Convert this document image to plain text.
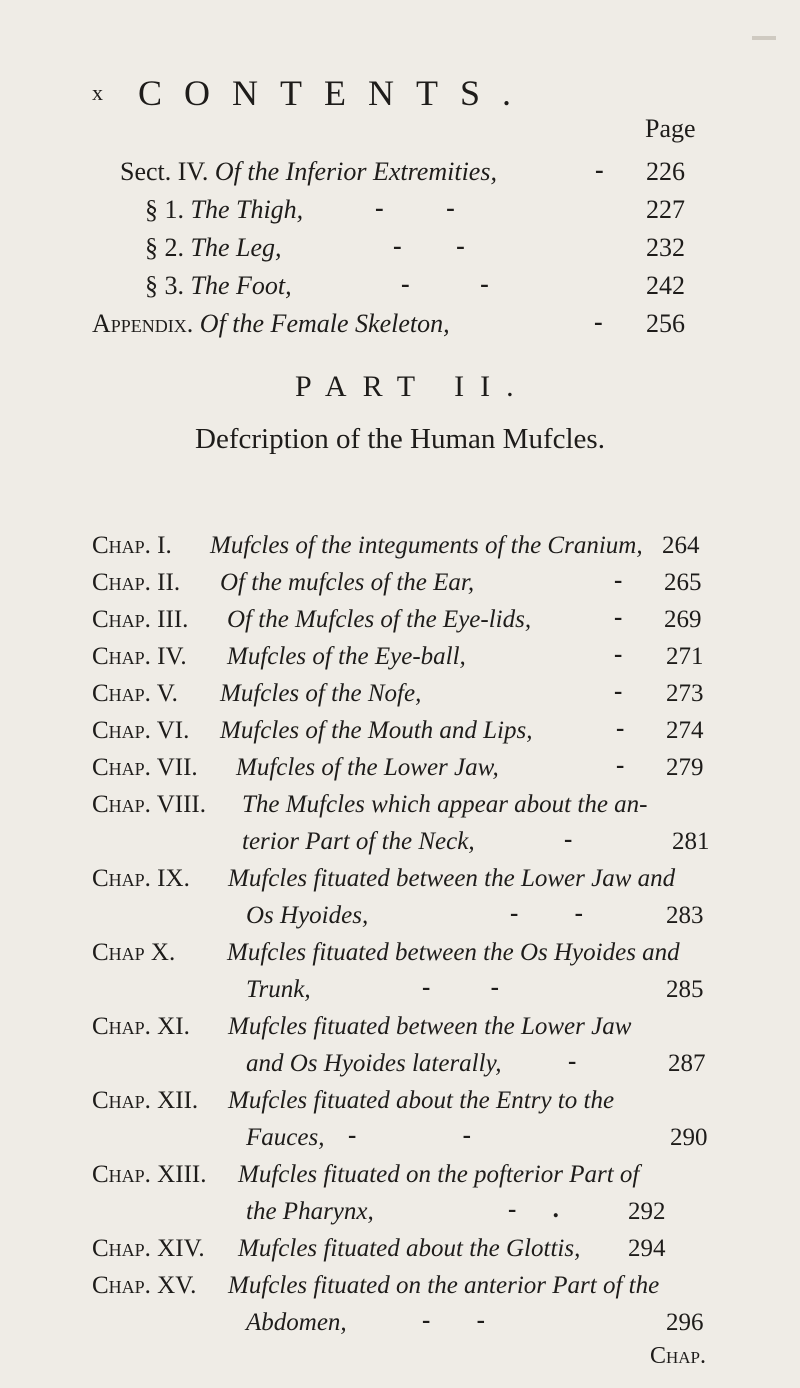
x CONTENTS.
Page
Sect. IV. Of the Inferior Extremities,	- 226
§ 1. The Thigh,	- -	227
§ 2. The Leg,	- -	232
§ 3. The Foot,	- -	242
Appendix. Of the Female Skeleton,	- 256
PART II.
Defcription of the Human Mufcles.
Chap. I. Mufcles of the integuments of the Cranium, 264
Chap. II. Of the mufcles of the Ear,	- 265
Chap. III. Of the Mufcles of the Eye-lids,	- 269
Chap. IV. Mufcles of the Eye-ball,	- 271
Chap. V. Mufcles of the Nofe,	- 273
Chap. VI. Mufcles of the Mouth and Lips,	- 274
Chap. VII. Mufcles of the Lower Jaw,	- 279
Chap. VIII. The Mufcles which appear about the an-
terior Part of the Neck,	-	281
Chap. IX. Mufcles fituated between the Lower Jaw and
Os Hyoides,	- -	283
Chap X. Mufcles fituated between the Os Hyoides and
Trunk,	- -	285
Chap. XI. Mufcles fituated between the Lower Jaw
and Os Hyoides laterally,	-	287
Chap. XII. Mufcles fituated about the Entry to the
Fauces, - -	290
Chap. XIII. Mufcles fituated on the pofterior Part of
the Pharynx,	- .	292
Chap. XIV. Mufcles fituated about the Glottis, 294
Chap. XV. Mufcles fituated on the anterior Part of the
Abdomen,	- -	296
Chap.
